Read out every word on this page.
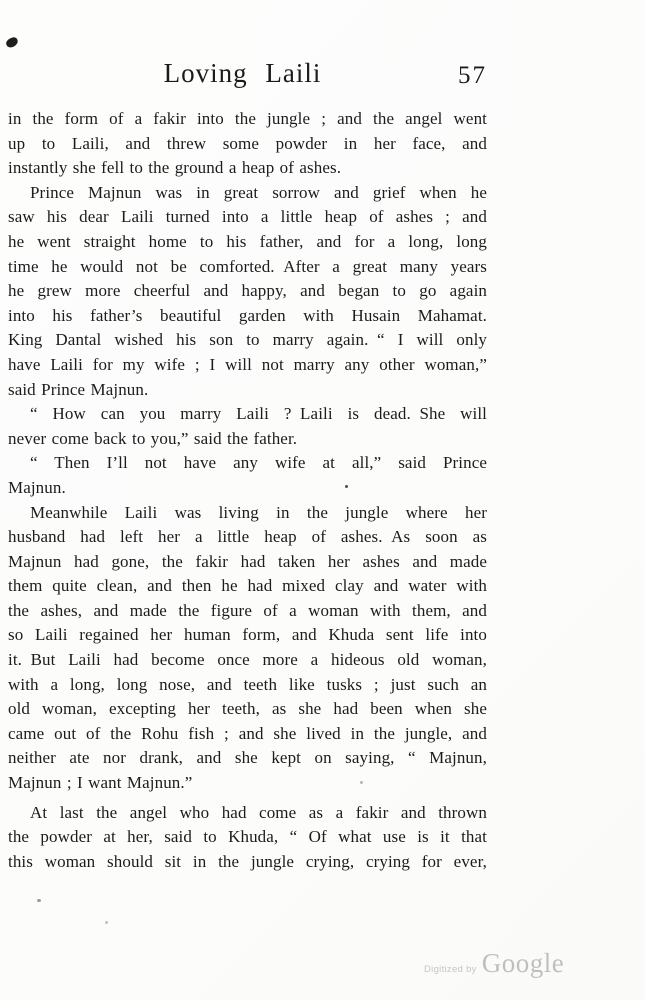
Loving Laili	57

in the form of a fakir into the jungle ; and the angel went
up to Laili, and threw some powder in her face, and
instantly she fell to the ground a heap of ashes.

Prince Majnun was in great sorrow and grief when he
saw his dear Laili turned into a little heap of ashes ; and
he went straight home to his father, and for a long, long
time he would not be comforted. After a great many years
he grew more cheerful and happy, and began to go again
into his father’s beautiful garden with Husain Mahamat.
King Dantal wished his son to marry again. “ I will only
have Laili for my wife ; I will not marry any other woman,”
said Prince Majnun.

“ How can you marry Laili ? Laili is dead. She will
never come back to you,” said the father.

“ Then I’ll not have any wife at all,” said Prince
Majnun.

Meanwhile Laili was living in the jungle where her
husband had left her a little heap of ashes. As soon as
Majnun had gone, the fakir had taken her ashes and made
them quite clean, and then he had mixed clay and water with
the ashes, and made the figure of a woman with them, and
so Laili regained her human form, and Khuda sent life into
it. But Laili had become once more a hideous old woman,
with a long, long nose, and teeth like tusks ; just such an
old woman, excepting her teeth, as she had been when she
came out of the Rohu fish ; and she lived in the jungle, and
neither ate nor drank, and she kept on saying, “ Majnun,
Majnun ; I want Majnun.”

At last the angel who had come as a fakir and thrown
the powder at her, said to Khuda, “ Of what use is it that
this woman should sit in the jungle crying, crying for ever,

Digitized by Google
